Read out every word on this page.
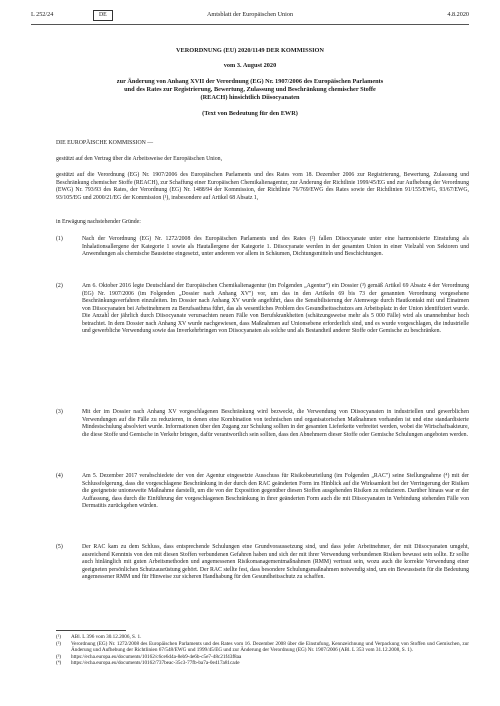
L 252/24	DE	Amtsblatt der Europäischen Union	4.8.2020
VERORDNUNG (EU) 2020/1149 DER KOMMISSION
vom 3. August 2020
zur Änderung von Anhang XVII der Verordnung (EG) Nr. 1907/2006 des Europäischen Parlaments
und des Rates zur Registrierung, Bewertung, Zulassung und Beschränkung chemischer Stoffe
(REACH) hinsichtlich Diisocyanaten
(Text von Bedeutung für den EWR)

DIE EUROPÄISCHE KOMMISSION —

gestützt auf den Vertrag über die Arbeitsweise der Europäischen Union,

gestützt auf die Verordnung (EG) Nr. 1907/2006 des Europäischen Parlaments und des Rates vom 18. Dezember 2006 zur Registrierung, Bewertung, Zulassung und Beschränkung chemischer Stoffe (REACH), zur Schaffung einer Europäischen Chemikalienagentur, zur Änderung der Richtlinie 1999/45/EG und zur Aufhebung der Verordnung (EWG) Nr. 793/93 des Rates, der Verordnung (EG) Nr. 1488/94 der Kommission, der Richtlinie 76/769/EWG des Rates sowie der Richtlinien 91/155/EWG, 93/67/EWG, 93/105/EG und 2000/21/EG der Kommission (¹), insbesondere auf Artikel 68 Absatz 1,

in Erwägung nachstehender Gründe:

(1)	Nach der Verordnung (EG) Nr. 1272/2008 des Europäischen Parlaments und des Rates (²) fallen Diisocyanate unter eine harmonisierte Einstufung als Inhalationsallergene der Kategorie 1 sowie als Hautallergene der Kategorie 1. Diisocyanate werden in der gesamten Union in einer Vielzahl von Sektoren und Anwendungen als chemische Bausteine eingesetzt, unter anderem vor allem in Schäumen, Dichtungsmitteln und Beschichtungen.
(2)	Am 6. Oktober 2016 legte Deutschland der Europäischen Chemikalienagentur (im Folgenden „Agentur") ein Dossier (³) gemäß Artikel 69 Absatz 4 der Verordnung (EG) Nr. 1907/2006 (im Folgenden „Dossier nach Anhang XV") vor, um das in den Artikeln 69 bis 73 der genannten Verordnung vorgesehene Beschränkungsverfahren einzuleiten. Im Dossier nach Anhang XV wurde angeführt, dass die Sensibilisierung der Atemwege durch Hautkontakt mit und Einatmen von Diisocyanaten bei Arbeitnehmern zu Berufsasthma führt, das als wesentliches Problem des Gesundheitsschutzes am Arbeitsplatz in der Union identifiziert wurde. Die Anzahl der jährlich durch Diisocyanate verursachten neuen Fälle von Berufskrankheiten (schätzungsweise mehr als 5 000 Fälle) wird als unannehmbar hoch betrachtet. In dem Dossier nach Anhang XV wurde nachgewiesen, dass Maßnahmen auf Unionsebene erforderlich sind, und es wurde vorgeschlagen, die industrielle und gewerbliche Verwendung sowie das Inverkehrbringen von Diisocyanaten als solche und als Bestandteil anderer Stoffe oder Gemische zu beschränken.
(3)	Mit der im Dossier nach Anhang XV vorgeschlagenen Beschränkung wird bezweckt, die Verwendung von Diisocyanaten in industriellen und gewerblichen Verwendungen auf die Fälle zu reduzieren, in denen eine Kombination von technischen und organisatorischen Maßnahmen vorhanden ist und eine standardisierte Mindestschulung absolviert wurde. Informationen über den Zugang zur Schulung sollten in der gesamten Lieferkette verbreitet werden, wobei die Wirtschaftsakteure, die diese Stoffe und Gemische in Verkehr bringen, dafür verantwortlich sein sollten, dass den Abnehmern dieser Stoffe oder Gemische Schulungen angeboten werden.
(4)	Am 5. Dezember 2017 verabschiedete der von der Agentur eingesetzte Ausschuss für Risikobeurteilung (im Folgenden „RAC") seine Stellungnahme (⁴) mit der Schlussfolgerung, dass die vorgeschlagene Beschränkung in der durch den RAC geänderten Form im Hinblick auf die Wirksamkeit bei der Verringerung der Risiken die geeignetste unionsweite Maßnahme darstellt, um die von der Exposition gegenüber diesen Stoffen ausgehenden Risiken zu reduzieren. Darüber hinaus war er der Auffassung, dass durch die Einführung der vorgeschlagenen Beschränkung in ihrer geänderten Form auch die mit Diisocyanaten in Verbindung stehenden Fälle von Dermatitis zurückgehen würden.
(5)	Der RAC kam zu dem Schluss, dass entsprechende Schulungen eine Grundvoraussetzung sind, und dass jeder Arbeitnehmer, der mit Diisocyanaten umgeht, ausreichend Kenntnis von den mit diesen Stoffen verbundenen Gefahren haben und sich der mit ihrer Verwendung verbundenen Risiken bewusst sein sollte. Er sollte auch hinlänglich mit guten Arbeitsmethoden und angemessenen Risikomanagementmaßnahmen (RMM) vertraut sein, wozu auch die korrekte Verwendung einer geeigneten persönlichen Schutzausrüstung gehört. Der RAC stellte fest, dass besondere Schulungsmaßnahmen notwendig sind, um ein Bewusstsein für die Bedeutung angemessener RMM und für Hinweise zur sicheren Handhabung für den Gesundheitsschutz zu schaffen.
(¹) ABl. L 396 vom 30.12.2006, S. 1.
(²) Verordnung (EG) Nr. 1272/2008 des Europäischen Parlaments und des Rates vom 16. Dezember 2008 über die Einstufung, Kennzeichnung und Verpackung von Stoffen und Gemischen, zur Änderung und Aufhebung der Richtlinien 67/548/EWG und 1999/45/EG und zur Änderung der Verordnung (EG) Nr. 1907/2006 (ABl. L 353 vom 31.12.2008, S. 1).
(³) https://echa.europa.eu/documents/10162/c6ce6d4a-8eb9-4e6b-c5e7-48c21f43f8aa
(⁴) https://echa.europa.eu/documents/10162/737beac-35c3-77fb-ba7a-0e417a81ca4e
